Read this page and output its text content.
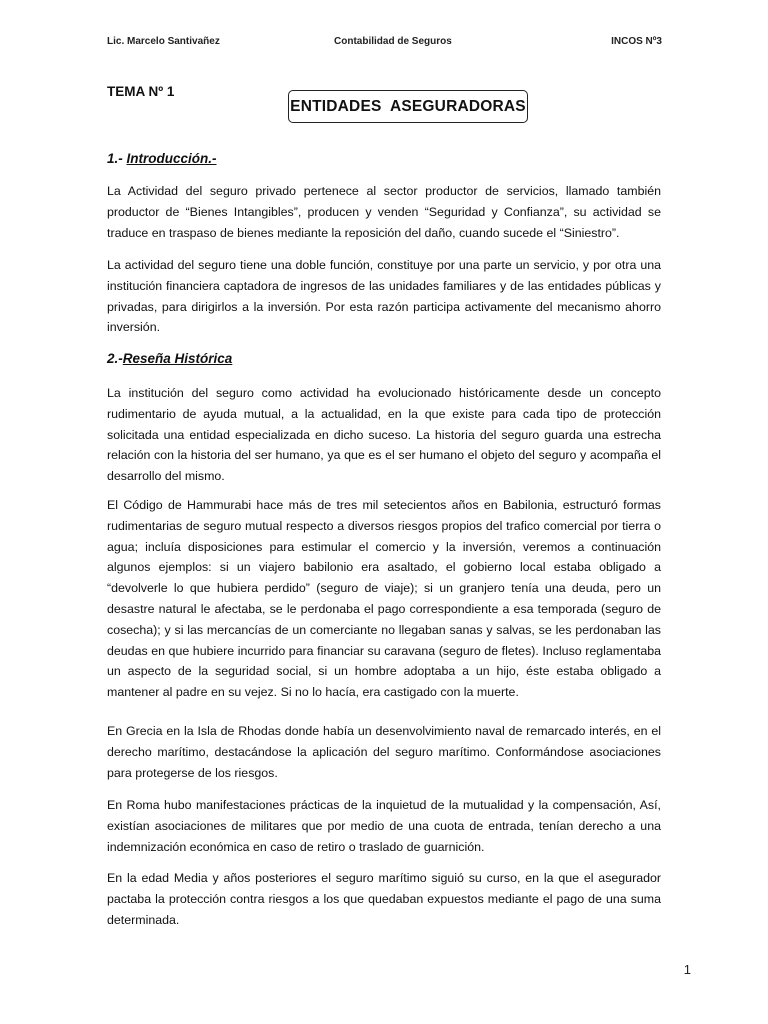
Lic. Marcelo Santivañez	Contabilidad de Seguros	INCOS Nº3
TEMA Nº 1
ENTIDADES  ASEGURADORAS
1.- Introducción.-

La Actividad del seguro privado pertenece al sector productor de servicios, llamado también productor de “Bienes Intangibles”, producen y venden “Seguridad y Confianza”, su actividad se traduce en traspaso de bienes mediante la reposición del daño, cuando sucede el “Siniestro”.

La actividad del seguro tiene una doble función, constituye por una parte un servicio, y por otra una institución financiera captadora de ingresos de las unidades familiares y de las entidades públicas y privadas, para dirigirlos a la inversión. Por esta razón participa activamente del mecanismo ahorro inversión.

2.-Reseña Histórica

La institución del seguro como actividad ha evolucionado históricamente desde un concepto rudimentario de ayuda mutual, a la actualidad, en la que existe para cada tipo de protección solicitada una entidad especializada en dicho suceso. La historia del seguro guarda una estrecha relación con la historia del ser humano, ya que es el ser humano el objeto del seguro y acompaña el desarrollo del mismo.

El Código de Hammurabi hace más de tres mil setecientos años en Babilonia, estructuró formas rudimentarias de seguro mutual respecto a diversos riesgos propios del trafico comercial por tierra o agua; incluía disposiciones para estimular el comercio y la inversión, veremos a continuación algunos ejemplos: si un viajero babilonio era asaltado, el gobierno local estaba obligado a “devolverle lo que hubiera perdido” (seguro de viaje); si un granjero tenía una deuda, pero un desastre natural le afectaba, se le perdonaba el pago correspondiente a esa temporada (seguro de cosecha); y si las mercancías de un comerciante no llegaban sanas y salvas, se les perdonaban las deudas en que hubiere incurrido para financiar su caravana (seguro de fletes). Incluso reglamentaba un aspecto de la seguridad social, si un hombre adoptaba a un hijo, éste estaba obligado a mantener al padre en su vejez. Si no lo hacía, era castigado con la muerte.

En Grecia en la Isla de Rhodas donde había un desenvolvimiento naval de remarcado interés, en el derecho marítimo, destacándose la aplicación del seguro marítimo. Conformándose asociaciones para protegerse de los riesgos.

En Roma hubo manifestaciones prácticas de la inquietud de la mutualidad y la compensación, Así, existían asociaciones de militares que por medio de una cuota de entrada, tenían derecho a una indemnización económica en caso de retiro o traslado de guarnición.

En la edad Media y años posteriores el seguro marítimo siguió su curso, en la que el asegurador pactaba la protección contra riesgos a los que quedaban expuestos mediante el pago de una suma determinada.

1
